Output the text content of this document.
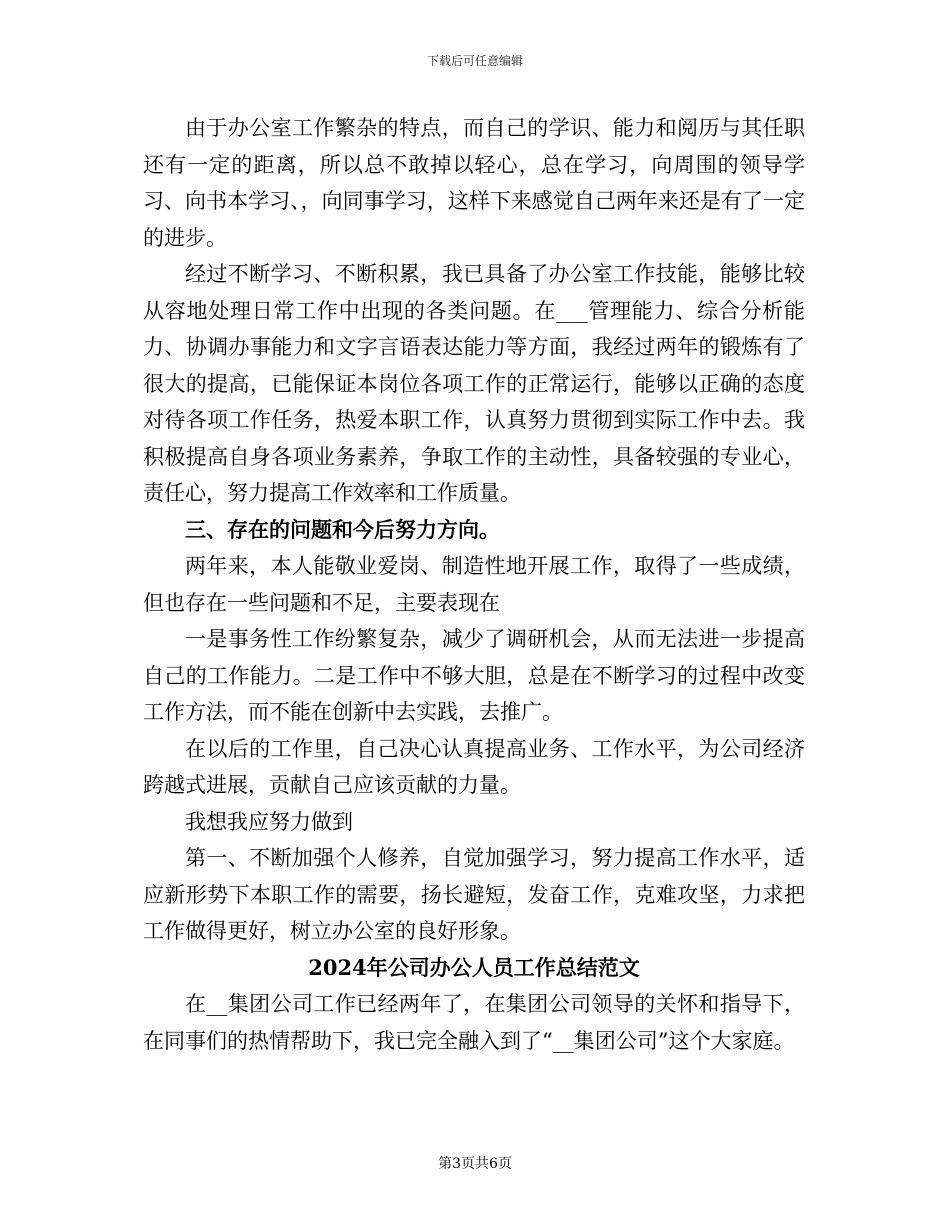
下载后可任意编辑

由于办公室工作繁杂的特点，而自己的学识、能力和阅历与其任职还有一定的距离，所以总不敢掉以轻心，总在学习，向周围的领导学习、向书本学习、，向同事学习，这样下来感觉自己两年来还是有了一定的进步。

经过不断学习、不断积累，我已具备了办公室工作技能，能够比较从容地处理日常工作中出现的各类问题。在___管理能力、综合分析能力、协调办事能力和文字言语表达能力等方面，我经过两年的锻炼有了很大的提高，已能保证本岗位各项工作的正常运行，能够以正确的态度对待各项工作任务，热爱本职工作，认真努力贯彻到实际工作中去。我积极提高自身各项业务素养，争取工作的主动性，具备较强的专业心，责任心，努力提高工作效率和工作质量。

三、存在的问题和今后努力方向。

两年来，本人能敬业爱岗、制造性地开展工作，取得了一些成绩，但也存在一些问题和不足，主要表现在

一是事务性工作纷繁复杂，减少了调研机会，从而无法进一步提高自己的工作能力。二是工作中不够大胆，总是在不断学习的过程中改变工作方法，而不能在创新中去实践，去推广。

在以后的工作里，自己决心认真提高业务、工作水平，为公司经济跨越式进展，贡献自己应该贡献的力量。

我想我应努力做到

第一、不断加强个人修养，自觉加强学习，努力提高工作水平，适应新形势下本职工作的需要，扬长避短，发奋工作，克难攻坚，力求把工作做得更好，树立办公室的良好形象。

2024年公司办公人员工作总结范文

在__集团公司工作已经两年了，在集团公司领导的关怀和指导下，在同事们的热情帮助下，我已完全融入到了“__集团公司”这个大家庭。

第3页共6页
